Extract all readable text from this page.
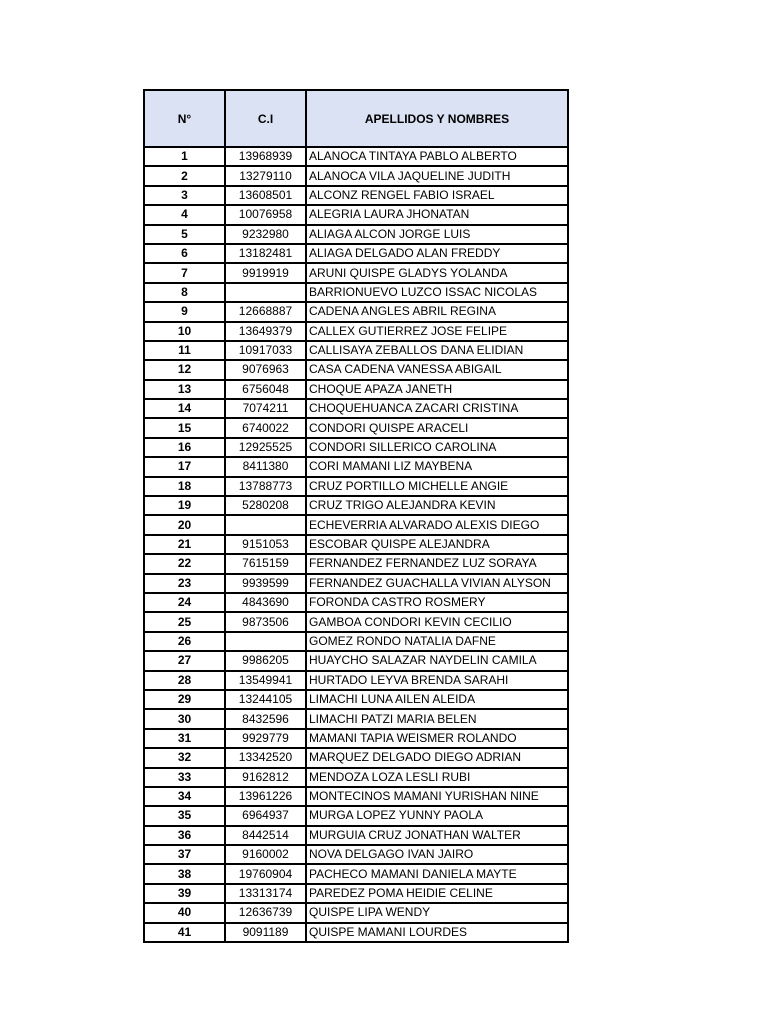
N°	C.I	APELLIDOS Y NOMBRES
1	13968939	ALANOCA TINTAYA PABLO ALBERTO
2	13279110	ALANOCA VILA JAQUELINE JUDITH
3	13608501	ALCONZ RENGEL FABIO ISRAEL
4	10076958	ALEGRIA LAURA JHONATAN
5	9232980	ALIAGA ALCON JORGE LUIS
6	13182481	ALIAGA DELGADO ALAN FREDDY
7	9919919	ARUNI QUISPE GLADYS YOLANDA
8		BARRIONUEVO LUZCO ISSAC NICOLAS
9	12668887	CADENA ANGLES ABRIL REGINA
10	13649379	CALLEX GUTIERREZ JOSE FELIPE
11	10917033	CALLISAYA ZEBALLOS DANA ELIDIAN
12	9076963	CASA CADENA VANESSA ABIGAIL
13	6756048	CHOQUE APAZA JANETH
14	7074211	CHOQUEHUANCA ZACARI CRISTINA
15	6740022	CONDORI QUISPE ARACELI
16	12925525	CONDORI SILLERICO CAROLINA
17	8411380	CORI MAMANI LIZ MAYBENA
18	13788773	CRUZ PORTILLO MICHELLE ANGIE
19	5280208	CRUZ TRIGO ALEJANDRA KEVIN
20		ECHEVERRIA ALVARADO ALEXIS DIEGO
21	9151053	ESCOBAR QUISPE ALEJANDRA
22	7615159	FERNANDEZ FERNANDEZ LUZ SORAYA
23	9939599	FERNANDEZ GUACHALLA VIVIAN ALYSON
24	4843690	FORONDA CASTRO ROSMERY
25	9873506	GAMBOA CONDORI KEVIN CECILIO
26		GOMEZ RONDO NATALIA DAFNE
27	9986205	HUAYCHO SALAZAR NAYDELIN CAMILA
28	13549941	HURTADO LEYVA BRENDA SARAHI
29	13244105	LIMACHI LUNA AILEN ALEIDA
30	8432596	LIMACHI PATZI MARIA BELEN
31	9929779	MAMANI TAPIA WEISMER ROLANDO
32	13342520	MARQUEZ DELGADO DIEGO ADRIAN
33	9162812	MENDOZA LOZA LESLI RUBI
34	13961226	MONTECINOS MAMANI YURISHAN NINE
35	6964937	MURGA LOPEZ YUNNY PAOLA
36	8442514	MURGUIA CRUZ JONATHAN WALTER
37	9160002	NOVA DELGAGO IVAN JAIRO
38	19760904	PACHECO MAMANI DANIELA MAYTE
39	13313174	PAREDEZ POMA HEIDIE CELINE
40	12636739	QUISPE LIPA WENDY
41	9091189	QUISPE MAMANI LOURDES
